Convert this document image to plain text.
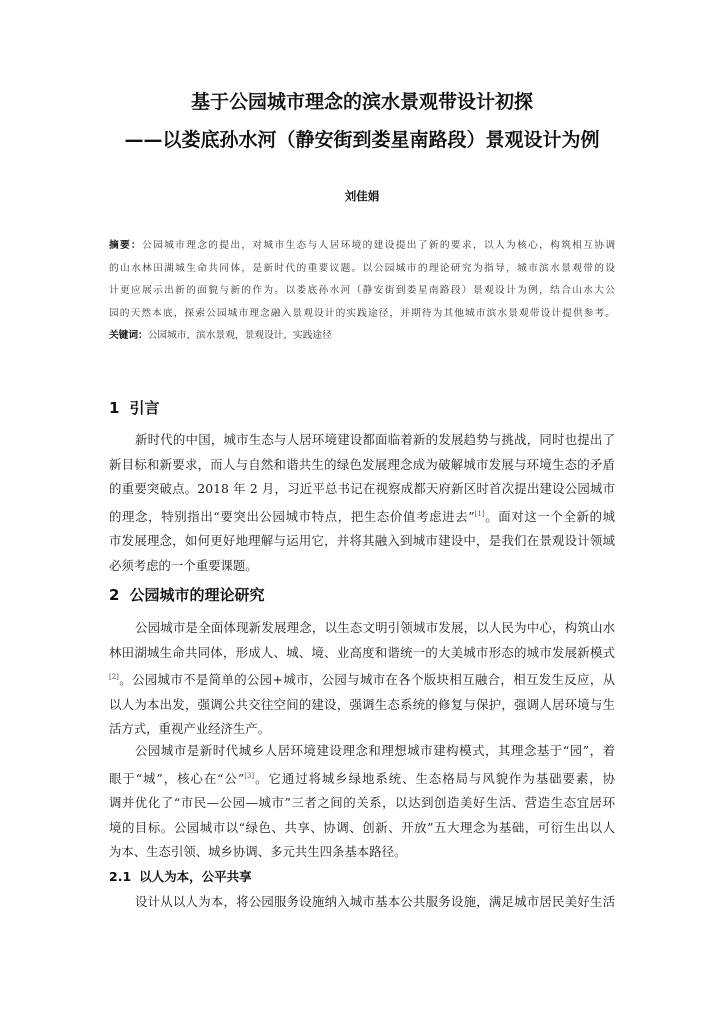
基于公园城市理念的滨水景观带设计初探
——以娄底孙水河（静安街到娄星南路段）景观设计为例
刘佳娟
摘要：公园城市理念的提出，对城市生态与人居环境的建设提出了新的要求，以人为核心，构筑相互协调
的山水林田湖城生命共同体，是新时代的重要议题。以公园城市的理论研究为指导，城市滨水景观带的设
计更应展示出新的面貌与新的作为。以娄底孙水河（静安街到娄星南路段）景观设计为例，结合山水大公
园的天然本底，探索公园城市理念融入景观设计的实践途径，并期待为其他城市滨水景观带设计提供参考。
关键词：公园城市，滨水景观，景观设计，实践途径
1 引言
新时代的中国，城市生态与人居环境建设都面临着新的发展趋势与挑战，同时也提出了
新目标和新要求，而人与自然和谐共生的绿色发展理念成为破解城市发展与环境生态的矛盾
的重要突破点。2018 年 2 月，习近平总书记在视察成都天府新区时首次提出建设公园城市
的理念，特别指出“要突出公园城市特点，把生态价值考虑进去”[1]。面对这一个全新的城
市发展理念，如何更好地理解与运用它，并将其融入到城市建设中，是我们在景观设计领域
必须考虑的一个重要课题。
2 公园城市的理论研究
公园城市是全面体现新发展理念，以生态文明引领城市发展，以人民为中心，构筑山水
林田湖城生命共同体，形成人、城、境、业高度和谐统一的大美城市形态的城市发展新模式
[2]。公园城市不是简单的公园+城市，公园与城市在各个版块相互融合，相互发生反应，从
以人为本出发，强调公共交往空间的建设，强调生态系统的修复与保护，强调人居环境与生
活方式，重视产业经济生产。
公园城市是新时代城乡人居环境建设理念和理想城市建构模式，其理念基于“园”，着
眼于“城”，核心在“公”[3]。它通过将城乡绿地系统、生态格局与风貌作为基础要素，协
调并优化了“市民—公园—城市”三者之间的关系，以达到创造美好生活、营造生态宜居环
境的目标。公园城市以“绿色、共享、协调、创新、开放”五大理念为基础，可衍生出以人
为本、生态引领、城乡协调、多元共生四条基本路径。
2.1 以人为本，公平共享
设计从以人为本，将公园服务设施纳入城市基本公共服务设施，满足城市居民美好生活
